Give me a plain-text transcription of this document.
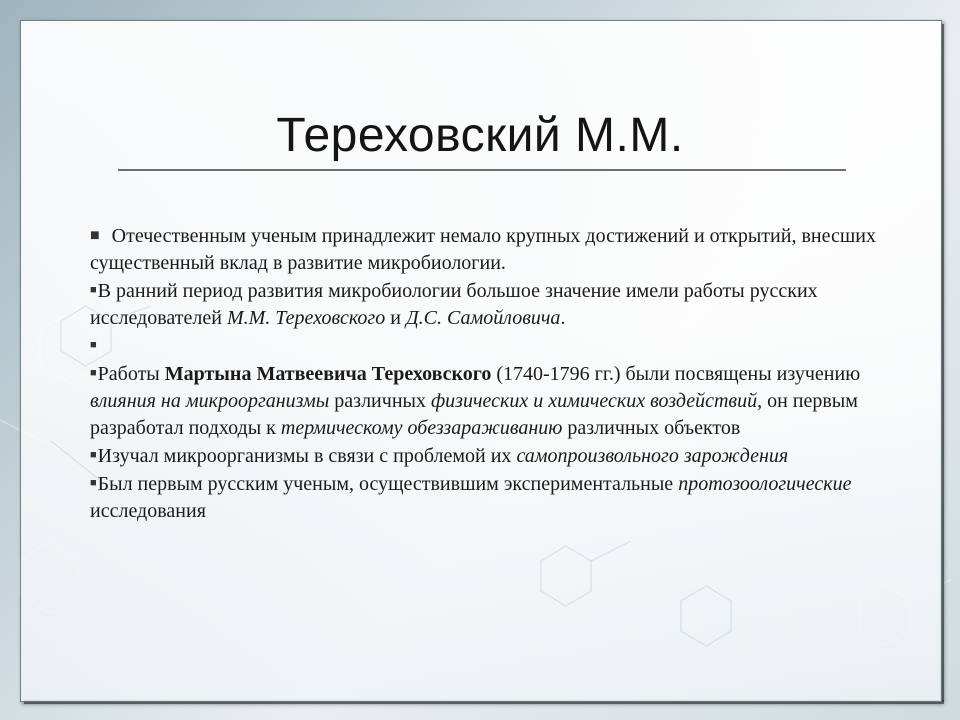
Тереховский М.М.

■ Отечественным ученым принадлежит немало крупных достижений и открытий, внесших существенный вклад в развитие микробиологии.

■В ранний период развития микробиологии большое значение имели работы русских исследователей М.М. Тереховского и Д.С. Самойловича.

■

■Работы Мартына Матвеевича Тереховского (1740-1796 гг.) были посвящены изучению влияния на микроорганизмы различных физических и химических воздействий, он первым разработал подходы к термическому обеззараживанию различных объектов

■Изучал микроорганизмы в связи с проблемой их самопроизвольного зарождения

■Был первым русским ученым, осуществившим экспериментальные протозоологические исследования
